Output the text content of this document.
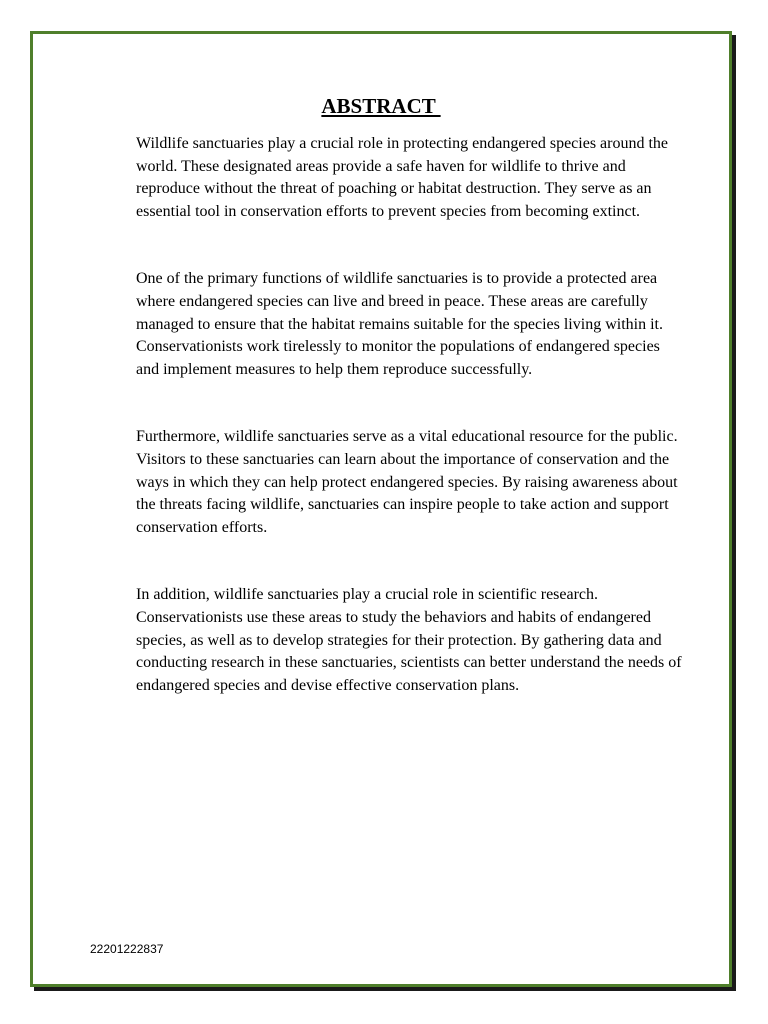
ABSTRACT

Wildlife sanctuaries play a crucial role in protecting endangered species around the world. These designated areas provide a safe haven for wildlife to thrive and reproduce without the threat of poaching or habitat destruction. They serve as an essential tool in conservation efforts to prevent species from becoming extinct.

One of the primary functions of wildlife sanctuaries is to provide a protected area where endangered species can live and breed in peace. These areas are carefully managed to ensure that the habitat remains suitable for the species living within it. Conservationists work tirelessly to monitor the populations of endangered species and implement measures to help them reproduce successfully.

Furthermore, wildlife sanctuaries serve as a vital educational resource for the public. Visitors to these sanctuaries can learn about the importance of conservation and the ways in which they can help protect endangered species. By raising awareness about the threats facing wildlife, sanctuaries can inspire people to take action and support conservation efforts.

In addition, wildlife sanctuaries play a crucial role in scientific research. Conservationists use these areas to study the behaviors and habits of endangered species, as well as to develop strategies for their protection. By gathering data and conducting research in these sanctuaries, scientists can better understand the needs of endangered species and devise effective conservation plans.

22201222837
